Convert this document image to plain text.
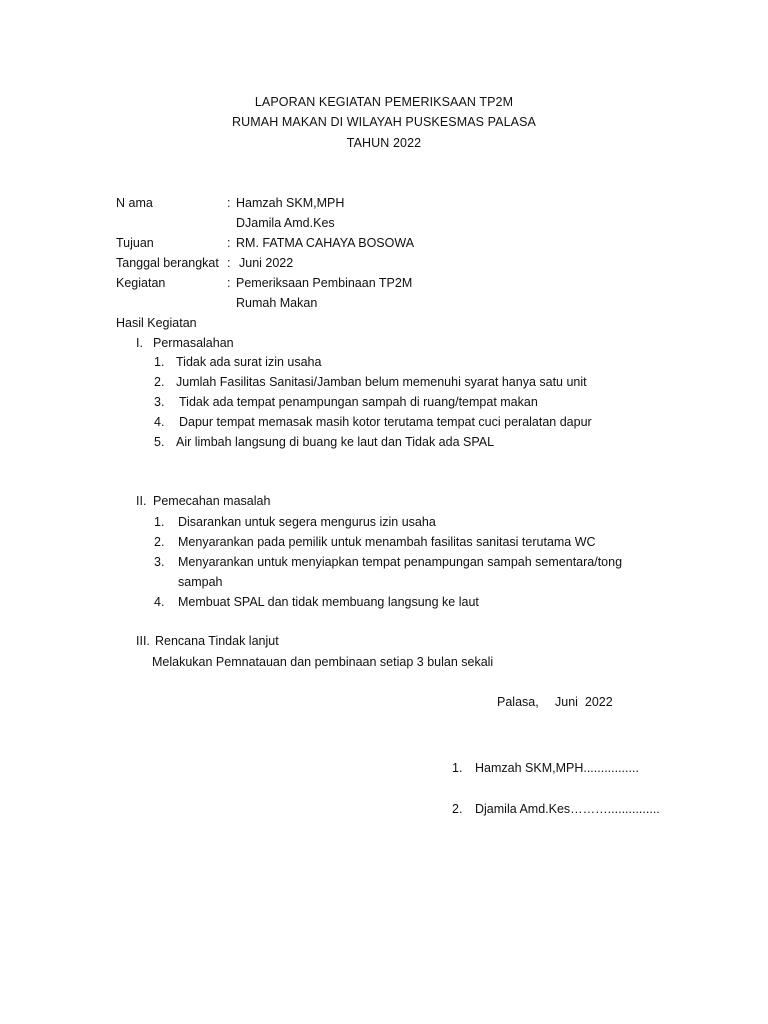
LAPORAN KEGIATAN PEMERIKSAAN TP2M
RUMAH MAKAN DI WILAYAH PUSKESMAS PALASA
TAHUN 2022
N ama	: Hamzah SKM,MPH
DJamila Amd.Kes
Tujuan	: RM. FATMA CAHAYA BOSOWA
Tanggal berangkat : Juni 2022
Kegiatan	: Pemeriksaan Pembinaan TP2M
Rumah Makan
Hasil Kegiatan
I. Permasalahan
1. Tidak ada surat izin usaha
2. Jumlah Fasilitas Sanitasi/Jamban belum memenuhi syarat hanya satu unit
3. Tidak ada tempat penampungan sampah di ruang/tempat makan
4. Dapur tempat memasak masih kotor terutama tempat cuci peralatan dapur
5. Air limbah langsung di buang ke laut dan Tidak ada SPAL
II. Pemecahan masalah
1. Disarankan untuk segera mengurus izin usaha
2. Menyarankan pada pemilik untuk menambah fasilitas sanitasi terutama WC
3. Menyarankan untuk menyiapkan tempat penampungan sampah sementara/tong
sampah
4. Membuat SPAL dan tidak membuang langsung ke laut
III. Rencana Tindak lanjut
Melakukan Pemnatauan dan pembinaan setiap 3 bulan sekali
Palasa, Juni  2022
1. Hamzah SKM,MPH................
2. Djamila Amd.Kes………...............
